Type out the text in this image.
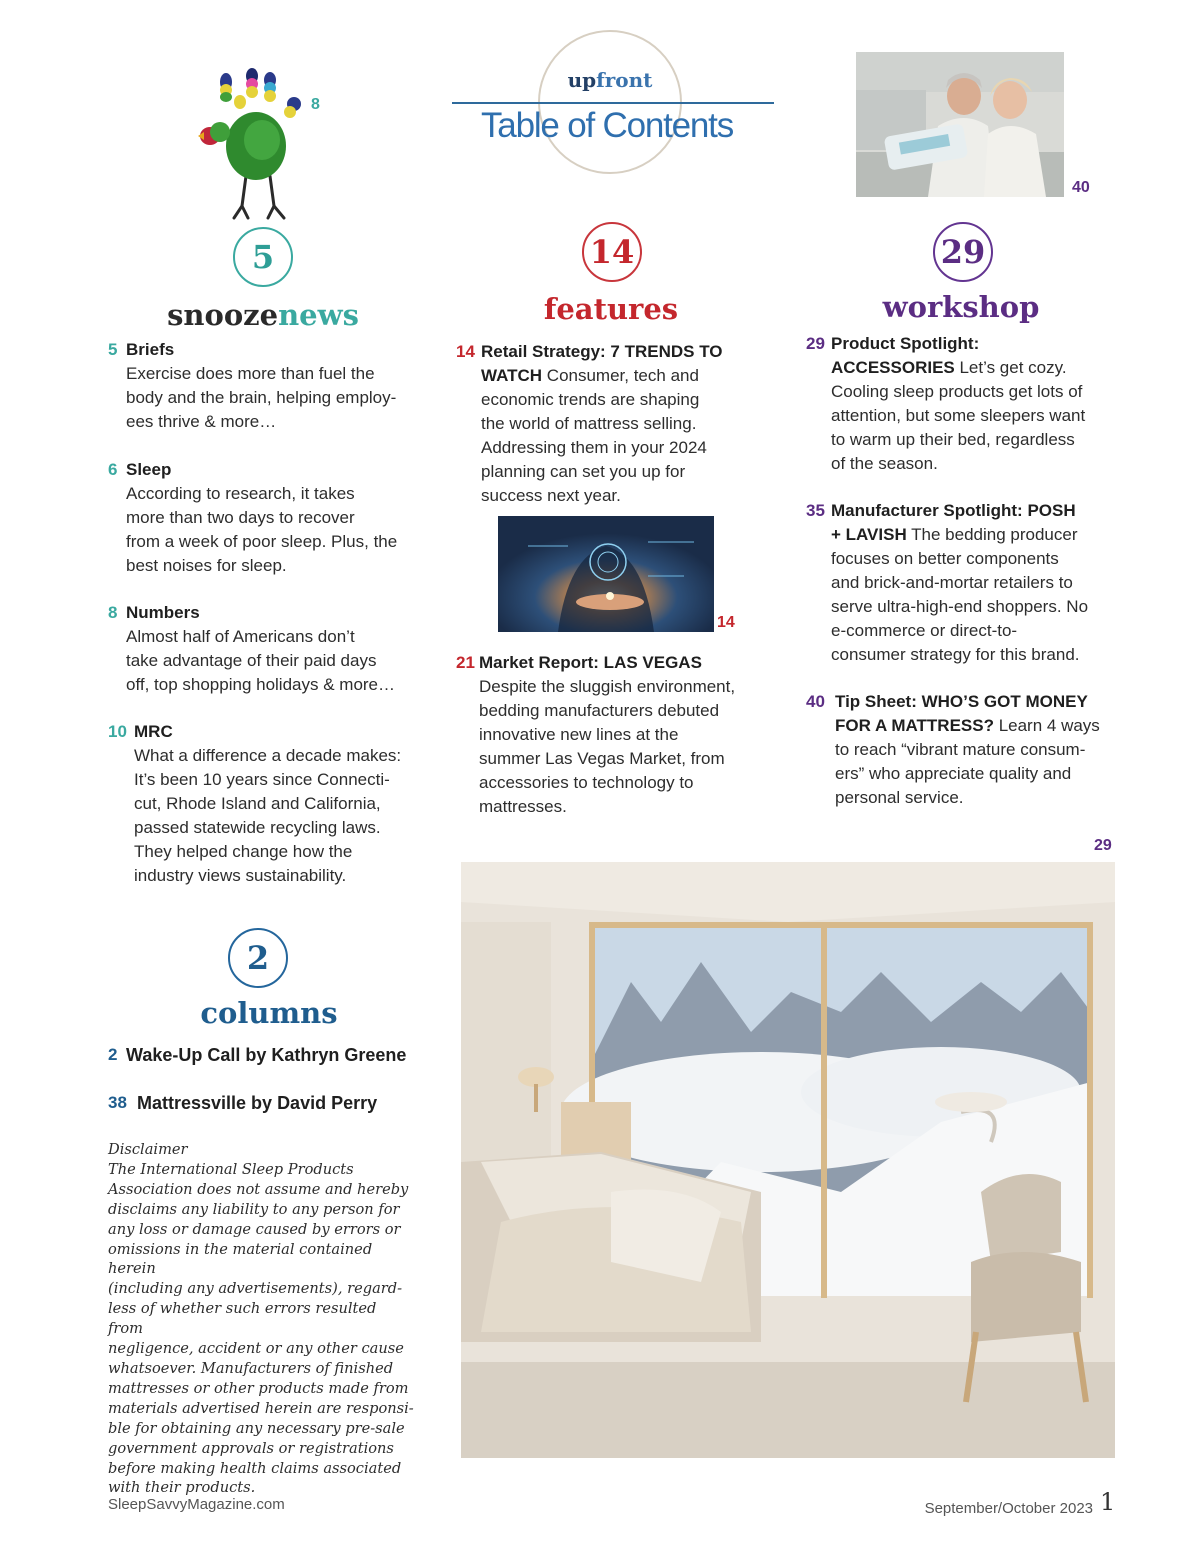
upfront
Table of Contents
8
40
5
snoozenews
14
features
29
workshop
5 Briefs
Exercise does more than fuel the
body and the brain, helping employ-
ees thrive & more…
6 Sleep
According to research, it takes
more than two days to recover
from a week of poor sleep. Plus, the
best noises for sleep.
8 Numbers
Almost half of Americans don’t
take advantage of their paid days
off, top shopping holidays & more…
10 MRC
What a difference a decade makes:
It’s been 10 years since Connecti-
cut, Rhode Island and California,
passed statewide recycling laws.
They helped change how the
industry views sustainability.
14 Retail Strategy: 7 TRENDS TO
WATCH Consumer, tech and
economic trends are shaping
the world of mattress selling.
Addressing them in your 2024
planning can set you up for
success next year.
14
21 Market Report: LAS VEGAS
Despite the sluggish environment,
bedding manufacturers debuted
innovative new lines at the
summer Las Vegas Market, from
accessories to technology to
mattresses.
29 Product Spotlight:
ACCESSORIES Let’s get cozy.
Cooling sleep products get lots of
attention, but some sleepers want
to warm up their bed, regardless
of the season.
35 Manufacturer Spotlight: POSH
+ LAVISH The bedding producer
focuses on better components
and brick-and-mortar retailers to
serve ultra-high-end shoppers. No
e-commerce or direct-to-
consumer strategy for this brand.
40 Tip Sheet: WHO’S GOT MONEY
FOR A MATTRESS? Learn 4 ways
to reach “vibrant mature consum-
ers” who appreciate quality and
personal service.
29
2
columns
2 Wake-Up Call by Kathryn Greene
38 Mattressville by David Perry
Disclaimer
The International Sleep Products
Association does not assume and hereby
disclaims any liability to any person for
any loss or damage caused by errors or
omissions in the material contained herein
(including any advertisements), regard-
less of whether such errors resulted from
negligence, accident or any other cause
whatsoever. Manufacturers of finished
mattresses or other products made from
materials advertised herein are responsi-
ble for obtaining any necessary pre-sale
government approvals or registrations
before making health claims associated
with their products.
SleepSavvyMagazine.com	September/October 2023 1
